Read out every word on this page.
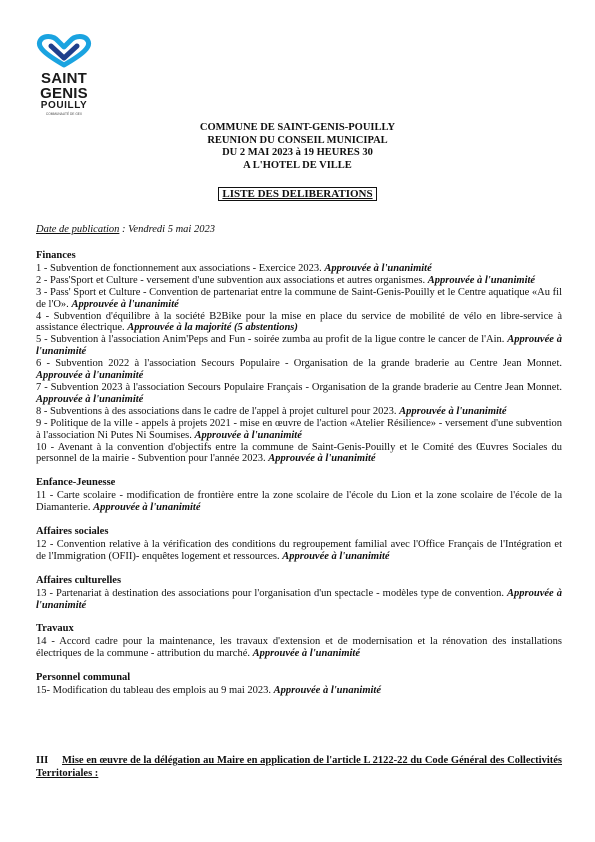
SAINT
GENIS
POUILLY
COMMUNAUTÉ DE GEX
COMMUNE DE SAINT-GENIS-POUILLY
REUNION DU CONSEIL MUNICIPAL
DU 2 MAI 2023 à 19 HEURES 30
A L'HOTEL DE VILLE
LISTE DES DELIBERATIONS
Date de publication : Vendredi 5 mai 2023
Finances
1 - Subvention de fonctionnement aux associations - Exercice 2023. Approuvée à l'unanimité
2 - Pass'Sport et Culture - versement d'une subvention aux associations et autres organismes. Approuvée à l'unanimité
3 - Pass' Sport et Culture - Convention de partenariat entre la commune de Saint-Genis-Pouilly et le Centre aquatique «Au fil de l'O». Approuvée à l'unanimité
4 - Subvention d'équilibre à la société B2Bike pour la mise en place du service de mobilité de vélo en libre-service à assistance électrique. Approuvée à la majorité (5 abstentions)
5 - Subvention à l'association Anim'Peps and Fun - soirée zumba au profit de la ligue contre le cancer de l'Ain. Approuvée à l'unanimité
6 - Subvention 2022 à l'association Secours Populaire - Organisation de la grande braderie au Centre Jean Monnet. Approuvée à l'unanimité
7 - Subvention 2023 à l'association Secours Populaire Français - Organisation de la grande braderie au Centre Jean Monnet. Approuvée à l'unanimité
8 - Subventions à des associations dans le cadre de l'appel à projet culturel pour 2023. Approuvée à l'unanimité
9 - Politique de la ville - appels à projets 2021 - mise en œuvre de l'action «Atelier Résilience» - versement d'une subvention à l'association Ni Putes Ni Soumises. Approuvée à l'unanimité
10 - Avenant à la convention d'objectifs entre la commune de Saint-Genis-Pouilly et le Comité des Œuvres Sociales du personnel de la mairie - Subvention pour l'année 2023. Approuvée à l'unanimité
Enfance-Jeunesse
11 - Carte scolaire - modification de frontière entre la zone scolaire de l'école du Lion et la zone scolaire de l'école de la Diamanterie. Approuvée à l'unanimité
Affaires sociales
12 - Convention relative à la vérification des conditions du regroupement familial avec l'Office Français de l'Intégration et de l'Immigration (OFII)- enquêtes logement et ressources. Approuvée à l'unanimité
Affaires culturelles
13 - Partenariat à destination des associations pour l'organisation d'un spectacle - modèles type de convention. Approuvée à l'unanimité
Travaux
14 - Accord cadre pour la maintenance, les travaux d'extension et de modernisation et la rénovation des installations électriques de la commune - attribution du marché. Approuvée à l'unanimité
Personnel communal
15- Modification du tableau des emplois au 9 mai 2023. Approuvée à l'unanimité
III Mise en œuvre de la délégation au Maire en application de l'article L 2122-22 du Code Général des Collectivités Territoriales :
